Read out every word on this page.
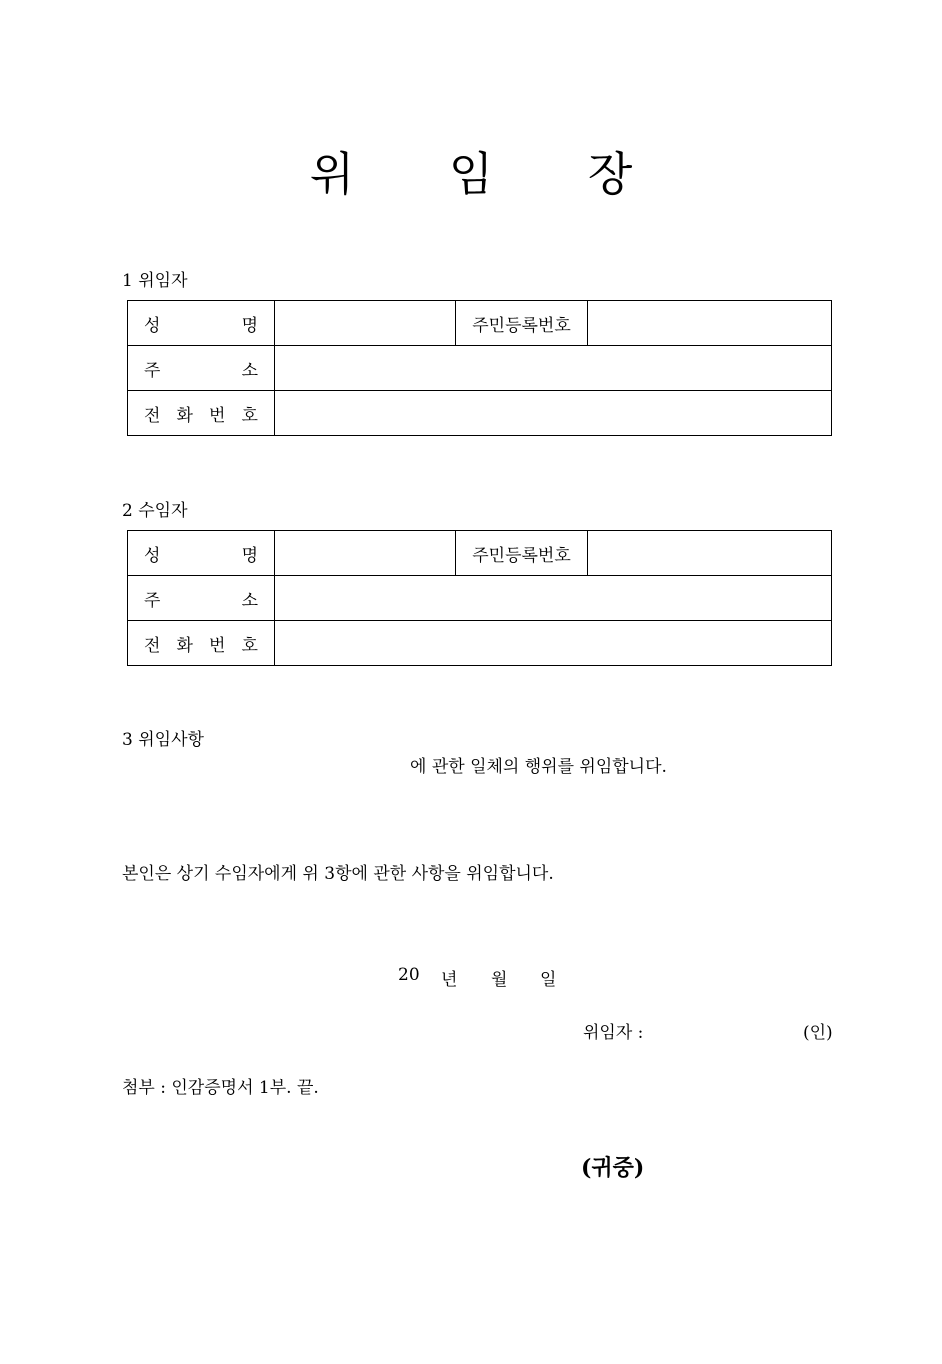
위 임 장
1 위임자
성 명		주민등록번호	

주 소			

전 화 번 호			

2 수임자
성 명		주민등록번호	

주 소			

전 화 번 호			

3 위임사항
에 관한 일체의 행위를 위임합니다.
본인은 상기 수임자에게 위 3항에 관한 사항을 위임합니다.
20 년 월 일
위임자 :	(인)
첨부 : 인감증명서 1부. 끝.
(귀중)
